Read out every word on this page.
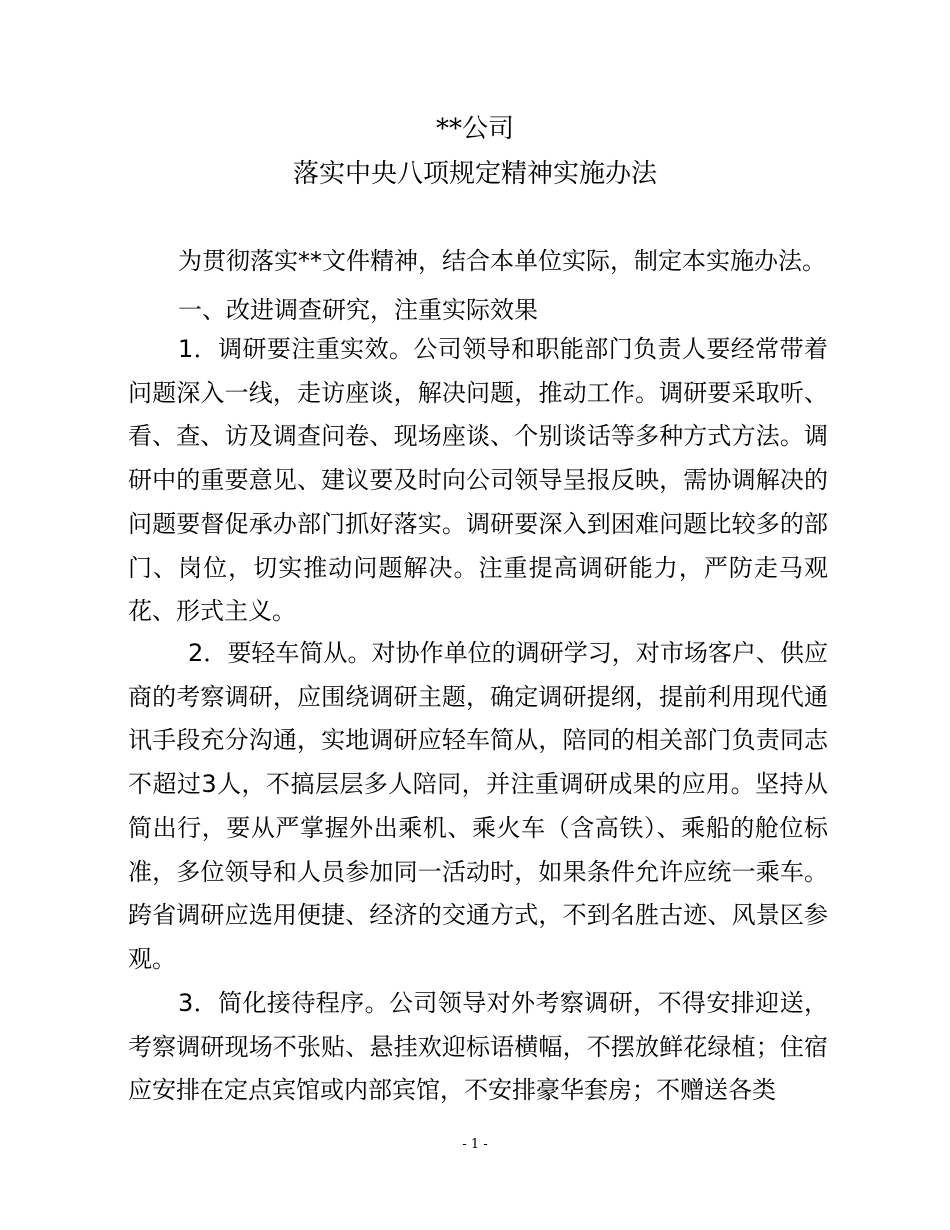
**公司
落实中央八项规定精神实施办法

为贯彻落实**文件精神，结合本单位实际，制定本实施办法。

一、改进调查研究，注重实际效果

1．调研要注重实效。公司领导和职能部门负责人要经常带着问题深入一线，走访座谈，解决问题，推动工作。调研要采取听、看、查、访及调查问卷、现场座谈、个别谈话等多种方式方法。调研中的重要意见、建议要及时向公司领导呈报反映，需协调解决的问题要督促承办部门抓好落实。调研要深入到困难问题比较多的部门、岗位，切实推动问题解决。注重提高调研能力，严防走马观花、形式主义。

2．要轻车简从。对协作单位的调研学习，对市场客户、供应商的考察调研，应围绕调研主题，确定调研提纲，提前利用现代通讯手段充分沟通，实地调研应轻车简从，陪同的相关部门负责同志不超过3人，不搞层层多人陪同，并注重调研成果的应用。坚持从简出行，要从严掌握外出乘机、乘火车（含高铁）、乘船的舱位标准，多位领导和人员参加同一活动时，如果条件允许应统一乘车。跨省调研应选用便捷、经济的交通方式，不到名胜古迹、风景区参观。

3．简化接待程序。公司领导对外考察调研，不得安排迎送，考察调研现场不张贴、悬挂欢迎标语横幅，不摆放鲜花绿植；住宿应安排在定点宾馆或内部宾馆，不安排豪华套房；不赠送各类

- 1 -
